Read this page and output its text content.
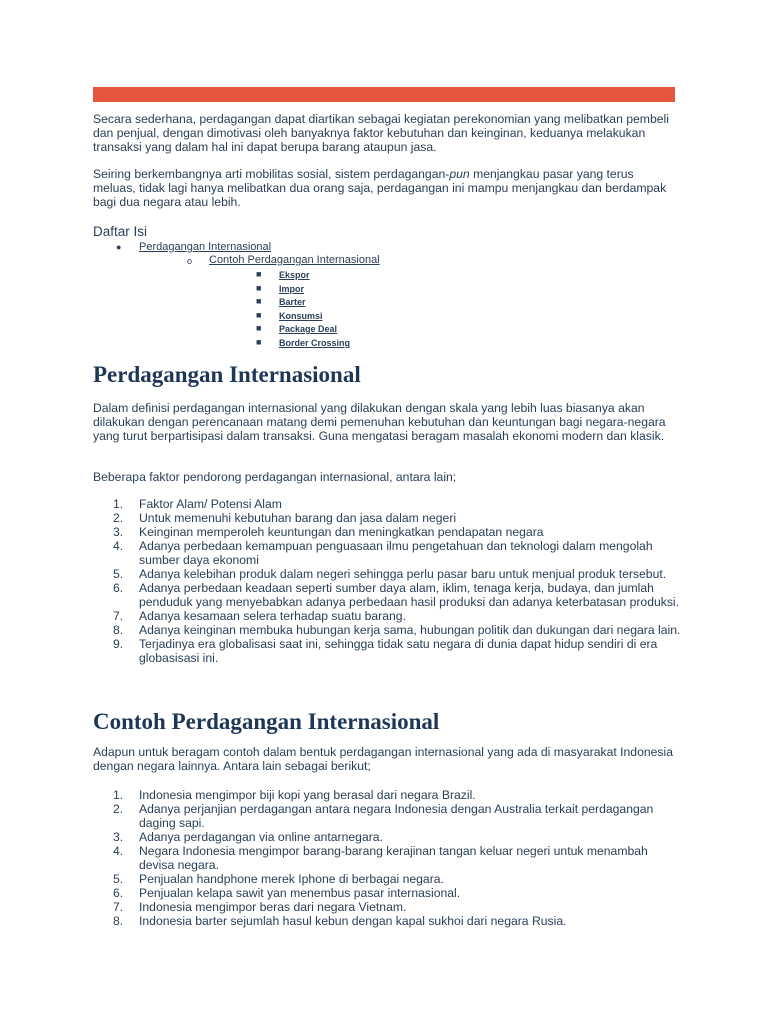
Secara sederhana, perdagangan dapat diartikan sebagai kegiatan perekonomian yang melibatkan pembeli dan penjual, dengan dimotivasi oleh banyaknya faktor kebutuhan dan keinginan, keduanya melakukan transaksi yang dalam hal ini dapat berupa barang ataupun jasa.

Seiring berkembangnya arti mobilitas sosial, sistem perdagangan-pun menjangkau pasar yang terus meluas, tidak lagi hanya melibatkan dua orang saja, perdagangan ini mampu menjangkau dan berdampak bagi dua negara atau lebih.

Daftar Isi
● Perdagangan Internasional
o Contoh Perdagangan Internasional
■ Ekspor
■ Impor
■ Barter
■ Konsumsi
■ Package Deal
■ Border Crossing
Perdagangan Internasional

Dalam definisi perdagangan internasional yang dilakukan dengan skala yang lebih luas biasanya akan dilakukan dengan perencanaan matang demi pemenuhan kebutuhan dan keuntungan bagi negara-negara yang turut berpartisipasi dalam transaksi. Guna mengatasi beragam masalah ekonomi modern dan klasik.

Beberapa faktor pendorong perdagangan internasional, antara lain;

1.	Faktor Alam/ Potensi Alam
2.	Untuk memenuhi kebutuhan barang dan jasa dalam negeri
3.	Keinginan memperoleh keuntungan dan meningkatkan pendapatan negara
4.	Adanya perbedaan kemampuan penguasaan ilmu pengetahuan dan teknologi dalam mengolah sumber daya ekonomi
5.	Adanya kelebihan produk dalam negeri sehingga perlu pasar baru untuk menjual produk tersebut.
6.	Adanya perbedaan keadaan seperti sumber daya alam, iklim, tenaga kerja, budaya, dan jumlah penduduk yang menyebabkan adanya perbedaan hasil produksi dan adanya keterbatasan produksi.
7.	Adanya kesamaan selera terhadap suatu barang.
8.	Adanya keinginan membuka hubungan kerja sama, hubungan politik dan dukungan dari negara lain.
9.	Terjadinya era globalisasi saat ini, sehingga tidak satu negara di dunia dapat hidup sendiri di era globasisasi ini.
Contoh Perdagangan Internasional

Adapun untuk beragam contoh dalam bentuk perdagangan internasional yang ada di masyarakat Indonesia dengan negara lainnya. Antara lain sebagai berikut;

1.	Indonesia mengimpor biji kopi yang berasal dari negara Brazil.
2.	Adanya perjanjian perdagangan antara negara Indonesia dengan Australia terkait perdagangan daging sapi.
3.	Adanya perdagangan via online antarnegara.
4.	Negara Indonesia mengimpor barang-barang kerajinan tangan keluar negeri untuk menambah devisa negara.
5.	Penjualan handphone merek Iphone di berbagai negara.
6.	Penjualan kelapa sawit yan menembus pasar internasional.
7.	Indonesia mengimpor beras dari negara Vietnam.
8.	Indonesia barter sejumlah hasul kebun dengan kapal sukhoi dari negara Rusia.
